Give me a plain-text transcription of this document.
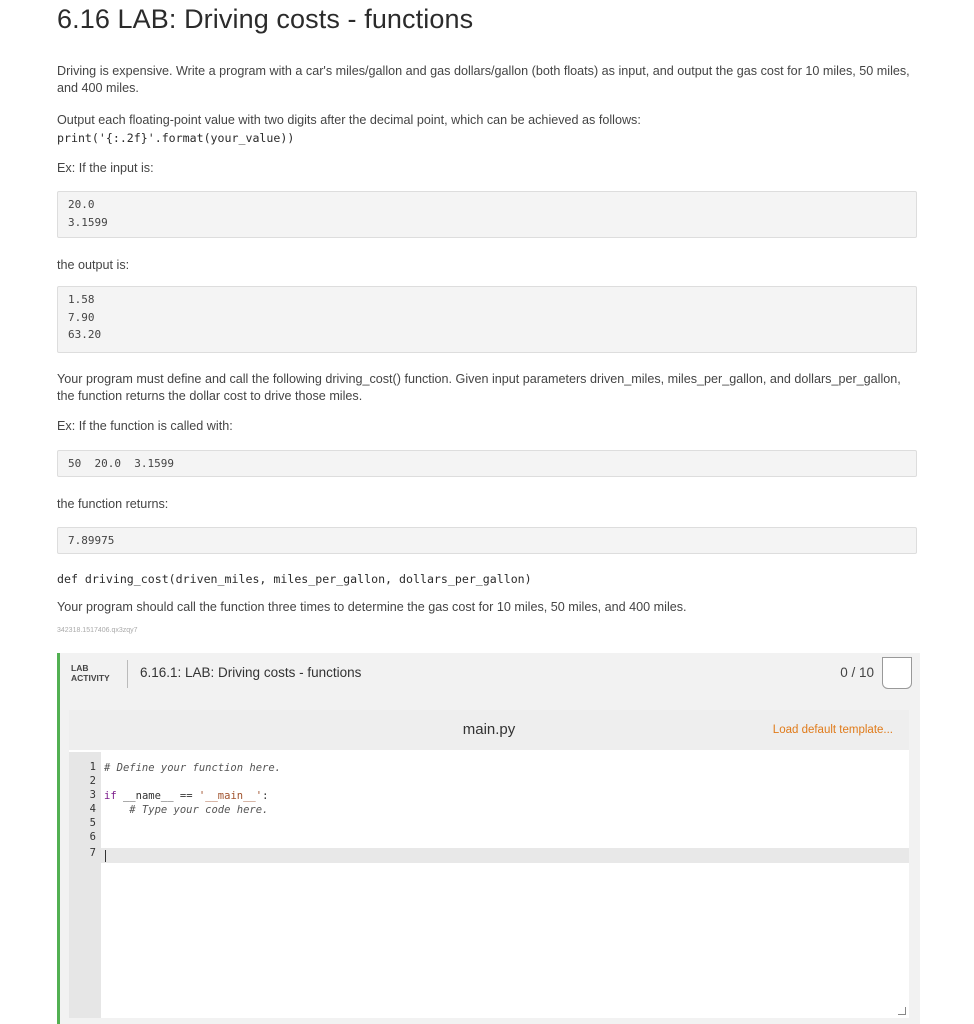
6.16 LAB: Driving costs - functions

Driving is expensive. Write a program with a car's miles/gallon and gas dollars/gallon (both floats) as input, and output the gas cost for 10 miles, 50 miles, and 400 miles.

Output each floating-point value with two digits after the decimal point, which can be achieved as follows:

print('{:.2f}'.format(your_value))

Ex: If the input is:

20.0
3.1599

the output is:

1.58
7.90
63.20

Your program must define and call the following driving_cost() function. Given input parameters driven_miles, miles_per_gallon, and dollars_per_gallon, the function returns the dollar cost to drive those miles.

Ex: If the function is called with:

50  20.0  3.1599

the function returns:

7.89975
def driving_cost(driven_miles, miles_per_gallon, dollars_per_gallon)

Your program should call the function three times to determine the gas cost for 10 miles, 50 miles, and 400 miles.

342318.1517406.qx3zqy7
LAB
ACTIVITY 6.16.1: LAB: Driving costs - functions	0 / 10
main.py	Load default template...
1
2
3
4
5
6
7
# Define your function here.
if __name__ == '__main__':
# Type your code here.
